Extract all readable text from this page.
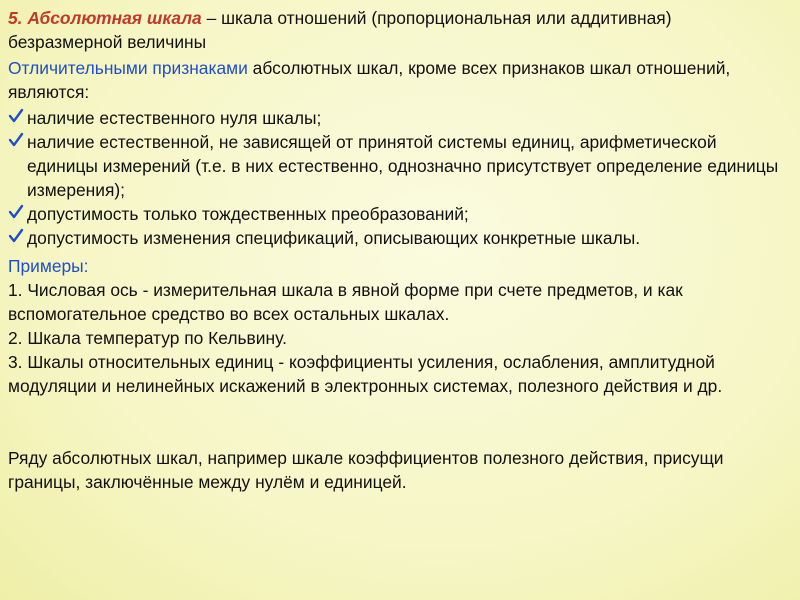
5. Абсолютная шкала – шкала отношений (пропорциональная или аддитивная) безразмерной величины
Отличительными признаками абсолютных шкал, кроме всех признаков шкал отношений, являются:
наличие естественного нуля шкалы;
наличие естественной, не зависящей от принятой системы единиц, арифметической единицы измерений (т.е. в них естественно, однозначно присутствует определение единицы измерения);
допустимость только тождественных преобразований;
допустимость изменения спецификаций, описывающих конкретные шкалы.
Примеры:
1. Числовая ось - измерительная шкала в явной форме при счете предметов, и как вспомогательное средство во всех остальных шкалах.
2. Шкала температур по Кельвину.
3. Шкалы относительных единиц - коэффициенты усиления, ослабления, амплитудной модуляции и нелинейных искажений в электронных системах, полезного действия и др.
Ряду абсолютных шкал, например шкале коэффициентов полезного действия, присущи границы, заключённые между нулём и единицей.
